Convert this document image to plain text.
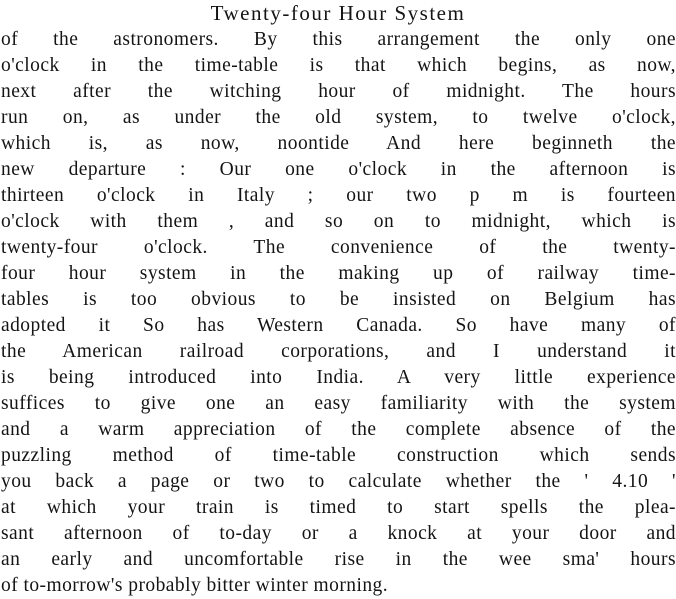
Twenty-four Hour System
of the astronomers. By this arrangement the only one
o'clock in the time-table is that which begins, as now,
next after the witching hour of midnight. The hours
run on, as under the old system, to twelve o'clock,
which is, as now, noontide And here beginneth the
new departure : Our one o'clock in the afternoon is
thirteen o'clock in Italy ; our two p m is fourteen
o'clock with them , and so on to midnight, which is
twenty-four o'clock. The convenience of the twenty-
four hour system in the making up of railway time-
tables is too obvious to be insisted on Belgium has
adopted it So has Western Canada. So have many of
the American railroad corporations, and I understand it
is being introduced into India. A very little experience
suffices to give one an easy familiarity with the system
and a warm appreciation of the complete absence of the
puzzling method of time-table construction which sends
you back a page or two to calculate whether the ' 4.10 '
at which your train is timed to start spells the plea-
sant afternoon of to-day or a knock at your door and
an early and uncomfortable rise in the wee sma' hours
of to-morrow's probably bitter winter morning.
